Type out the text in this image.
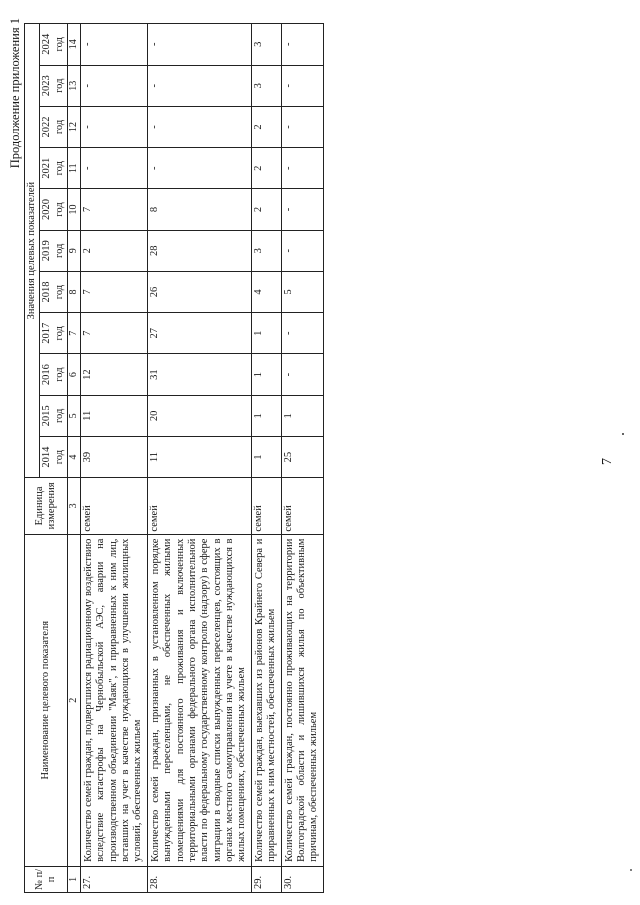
Продолжение приложения 1
№ п/п	Наименование целевого показателя	Единица измерения	Значения целевых показателей										
			2014 год	2015 год	2016 год	2017 год	2018 год	2019 год	2020 год	2021 год	2022 год	2023 год	2024 год
1	2	3	4	5	6	7	8	9	10	11	12	13	14
27.	Количество семей граждан, подвергшихся радиационному воздействию вследствие катастрофы на Чернобыльской АЭС, аварии на производственном объединении "Маяк", и приравненных к ним лиц, вставших на учет в качестве нуждающихся в улучшении жилищных условий, обеспеченных жильем	семей	39	11	12	7	7	2	7	-	-	-	-
28.	Количество семей граждан, признанных в установленном порядке вынужденными переселенцами, не обеспеченных жилыми помещениями для постоянного проживания и включенных территориальными органами федерального органа исполнительной власти по федеральному государственному контролю (надзору) в сфере миграции в сводные списки вынужденных переселенцев, состоящих в органах местного самоуправления на учете в качестве нуждающихся в жилых помещениях, обеспеченных жильем	семей	11	20	31	27	26	28	8	-	-	-	-
29.	Количество семей граждан, выехавших из районов Крайнего Севера и приравненных к ним местностей, обеспеченных жильем	семей	1	1	1	1	4	3	2	2	2	3	3
30.	Количество семей граждан, постоянно проживающих на территории Волгоградской области и лишившихся жилья по объективным причинам, обеспеченных жильем	семей	25	1	-	-	5	-	-	-	-	-	-
7
